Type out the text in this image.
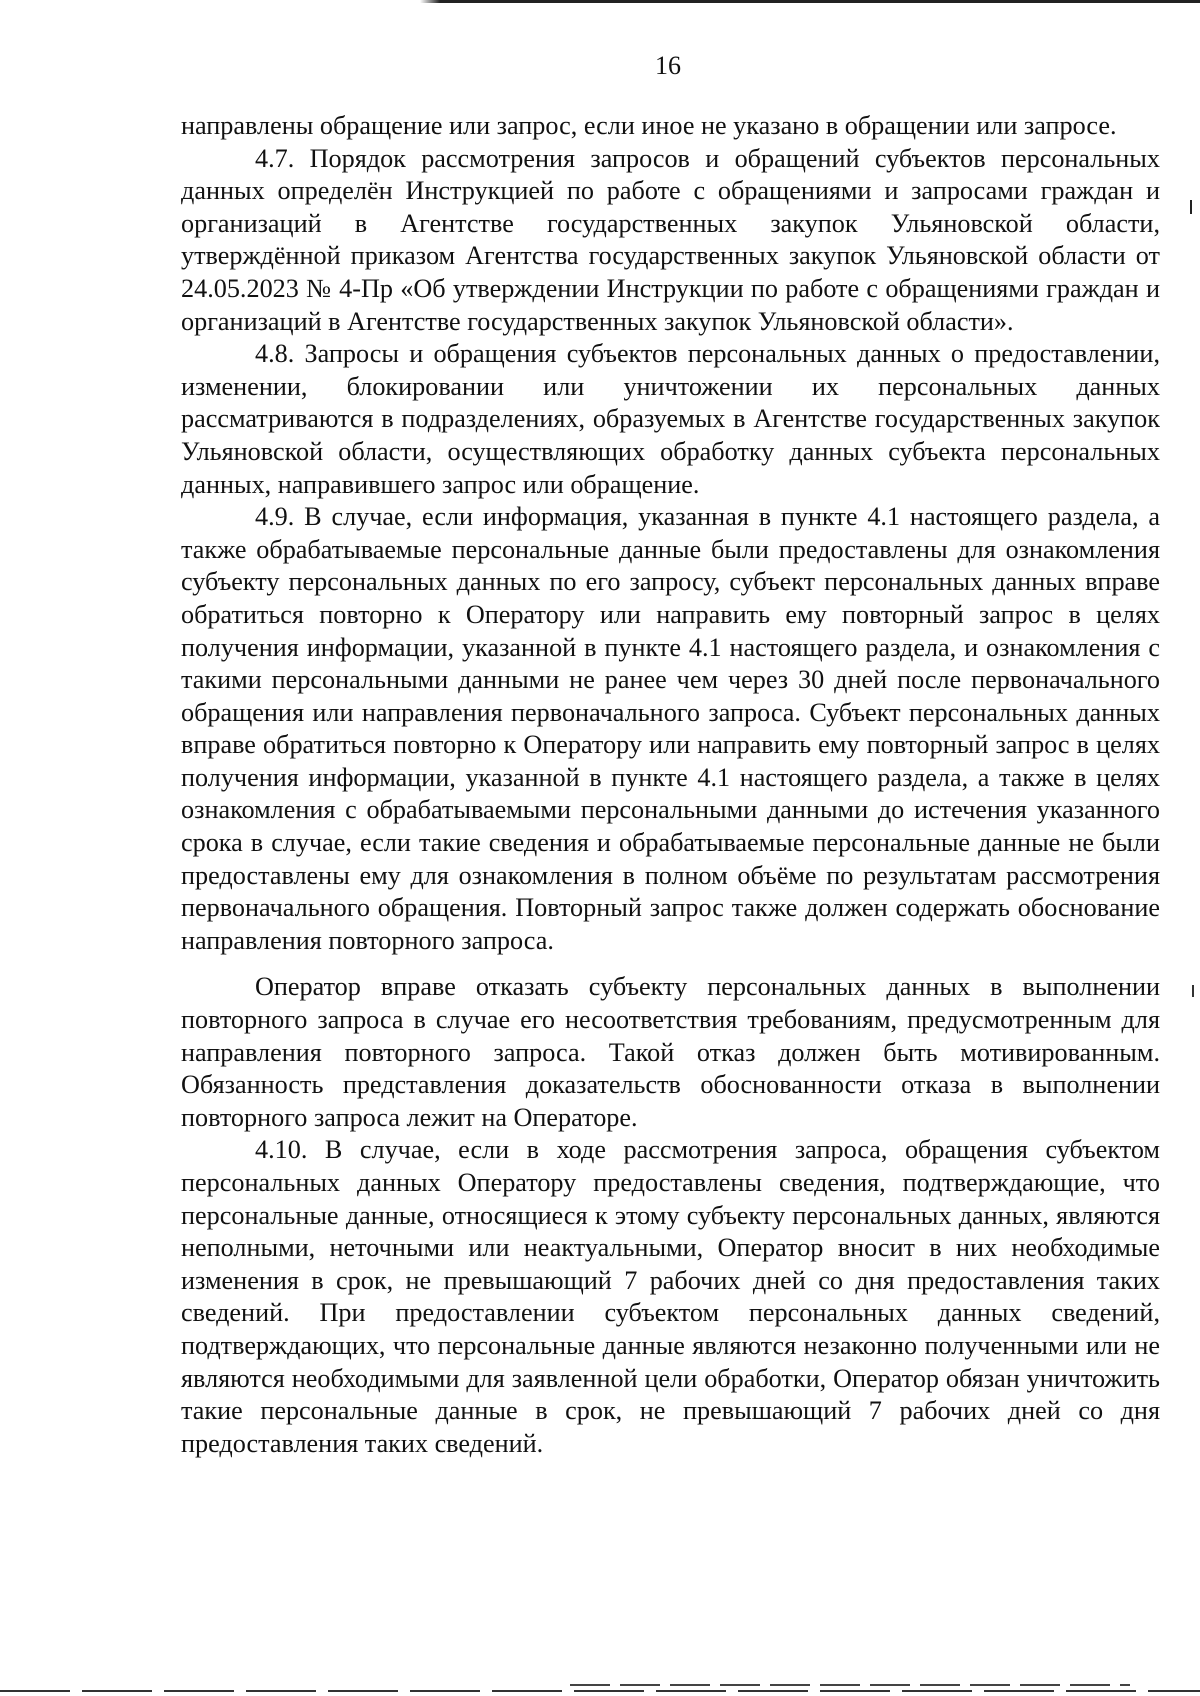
16

направлены обращение или запрос, если иное не указано в обращении или запросе.

4.7. Порядок рассмотрения запросов и обращений субъектов персональных данных определён Инструкцией по работе с обращениями и запросами граждан и организаций в Агентстве государственных закупок Ульяновской области, утверждённой приказом Агентства государственных закупок Ульяновской области от 24.05.2023 № 4-Пр «Об утверждении Инструкции по работе с обращениями граждан и организаций в Агентстве государственных закупок Ульяновской области».

4.8. Запросы и обращения субъектов персональных данных о предоставлении, изменении, блокировании или уничтожении их персональных данных рассматриваются в подразделениях, образуемых в Агентстве государственных закупок Ульяновской области, осуществляющих обработку данных субъекта персональных данных, направившего запрос или обращение.

4.9. В случае, если информация, указанная в пункте 4.1 настоящего раздела, а также обрабатываемые персональные данные были предоставлены для ознакомления субъекту персональных данных по его запросу, субъект персональных данных вправе обратиться повторно к Оператору или направить ему повторный запрос в целях получения информации, указанной в пункте 4.1 настоящего раздела, и ознакомления с такими персональными данными не ранее чем через 30 дней после первоначального обращения или направления первоначального запроса. Субъект персональных данных вправе обратиться повторно к Оператору или направить ему повторный запрос в целях получения информации, указанной в пункте 4.1 настоящего раздела, а также в целях ознакомления с обрабатываемыми персональными данными до истечения указанного срока в случае, если такие сведения и обрабатываемые персональные данные не были предоставлены ему для ознакомления в полном объёме по результатам рассмотрения первоначального обращения. Повторный запрос также должен содержать обоснование направления повторного запроса.

Оператор вправе отказать субъекту персональных данных в выполнении повторного запроса в случае его несоответствия требованиям, предусмотренным для направления повторного запроса. Такой отказ должен быть мотивированным. Обязанность представления доказательств обоснованности отказа в выполнении повторного запроса лежит на Операторе.

4.10. В случае, если в ходе рассмотрения запроса, обращения субъектом персональных данных Оператору предоставлены сведения, подтверждающие, что персональные данные, относящиеся к этому субъекту персональных данных, являются неполными, неточными или неактуальными, Оператор вносит в них необходимые изменения в срок, не превышающий 7 рабочих дней со дня предоставления таких сведений. При предоставлении субъектом персональных данных сведений, подтверждающих, что персональные данные являются незаконно полученными или не являются необходимыми для заявленной цели обработки, Оператор обязан уничтожить такие персональные данные в срок, не превышающий 7 рабочих дней со дня предоставления таких сведений.
